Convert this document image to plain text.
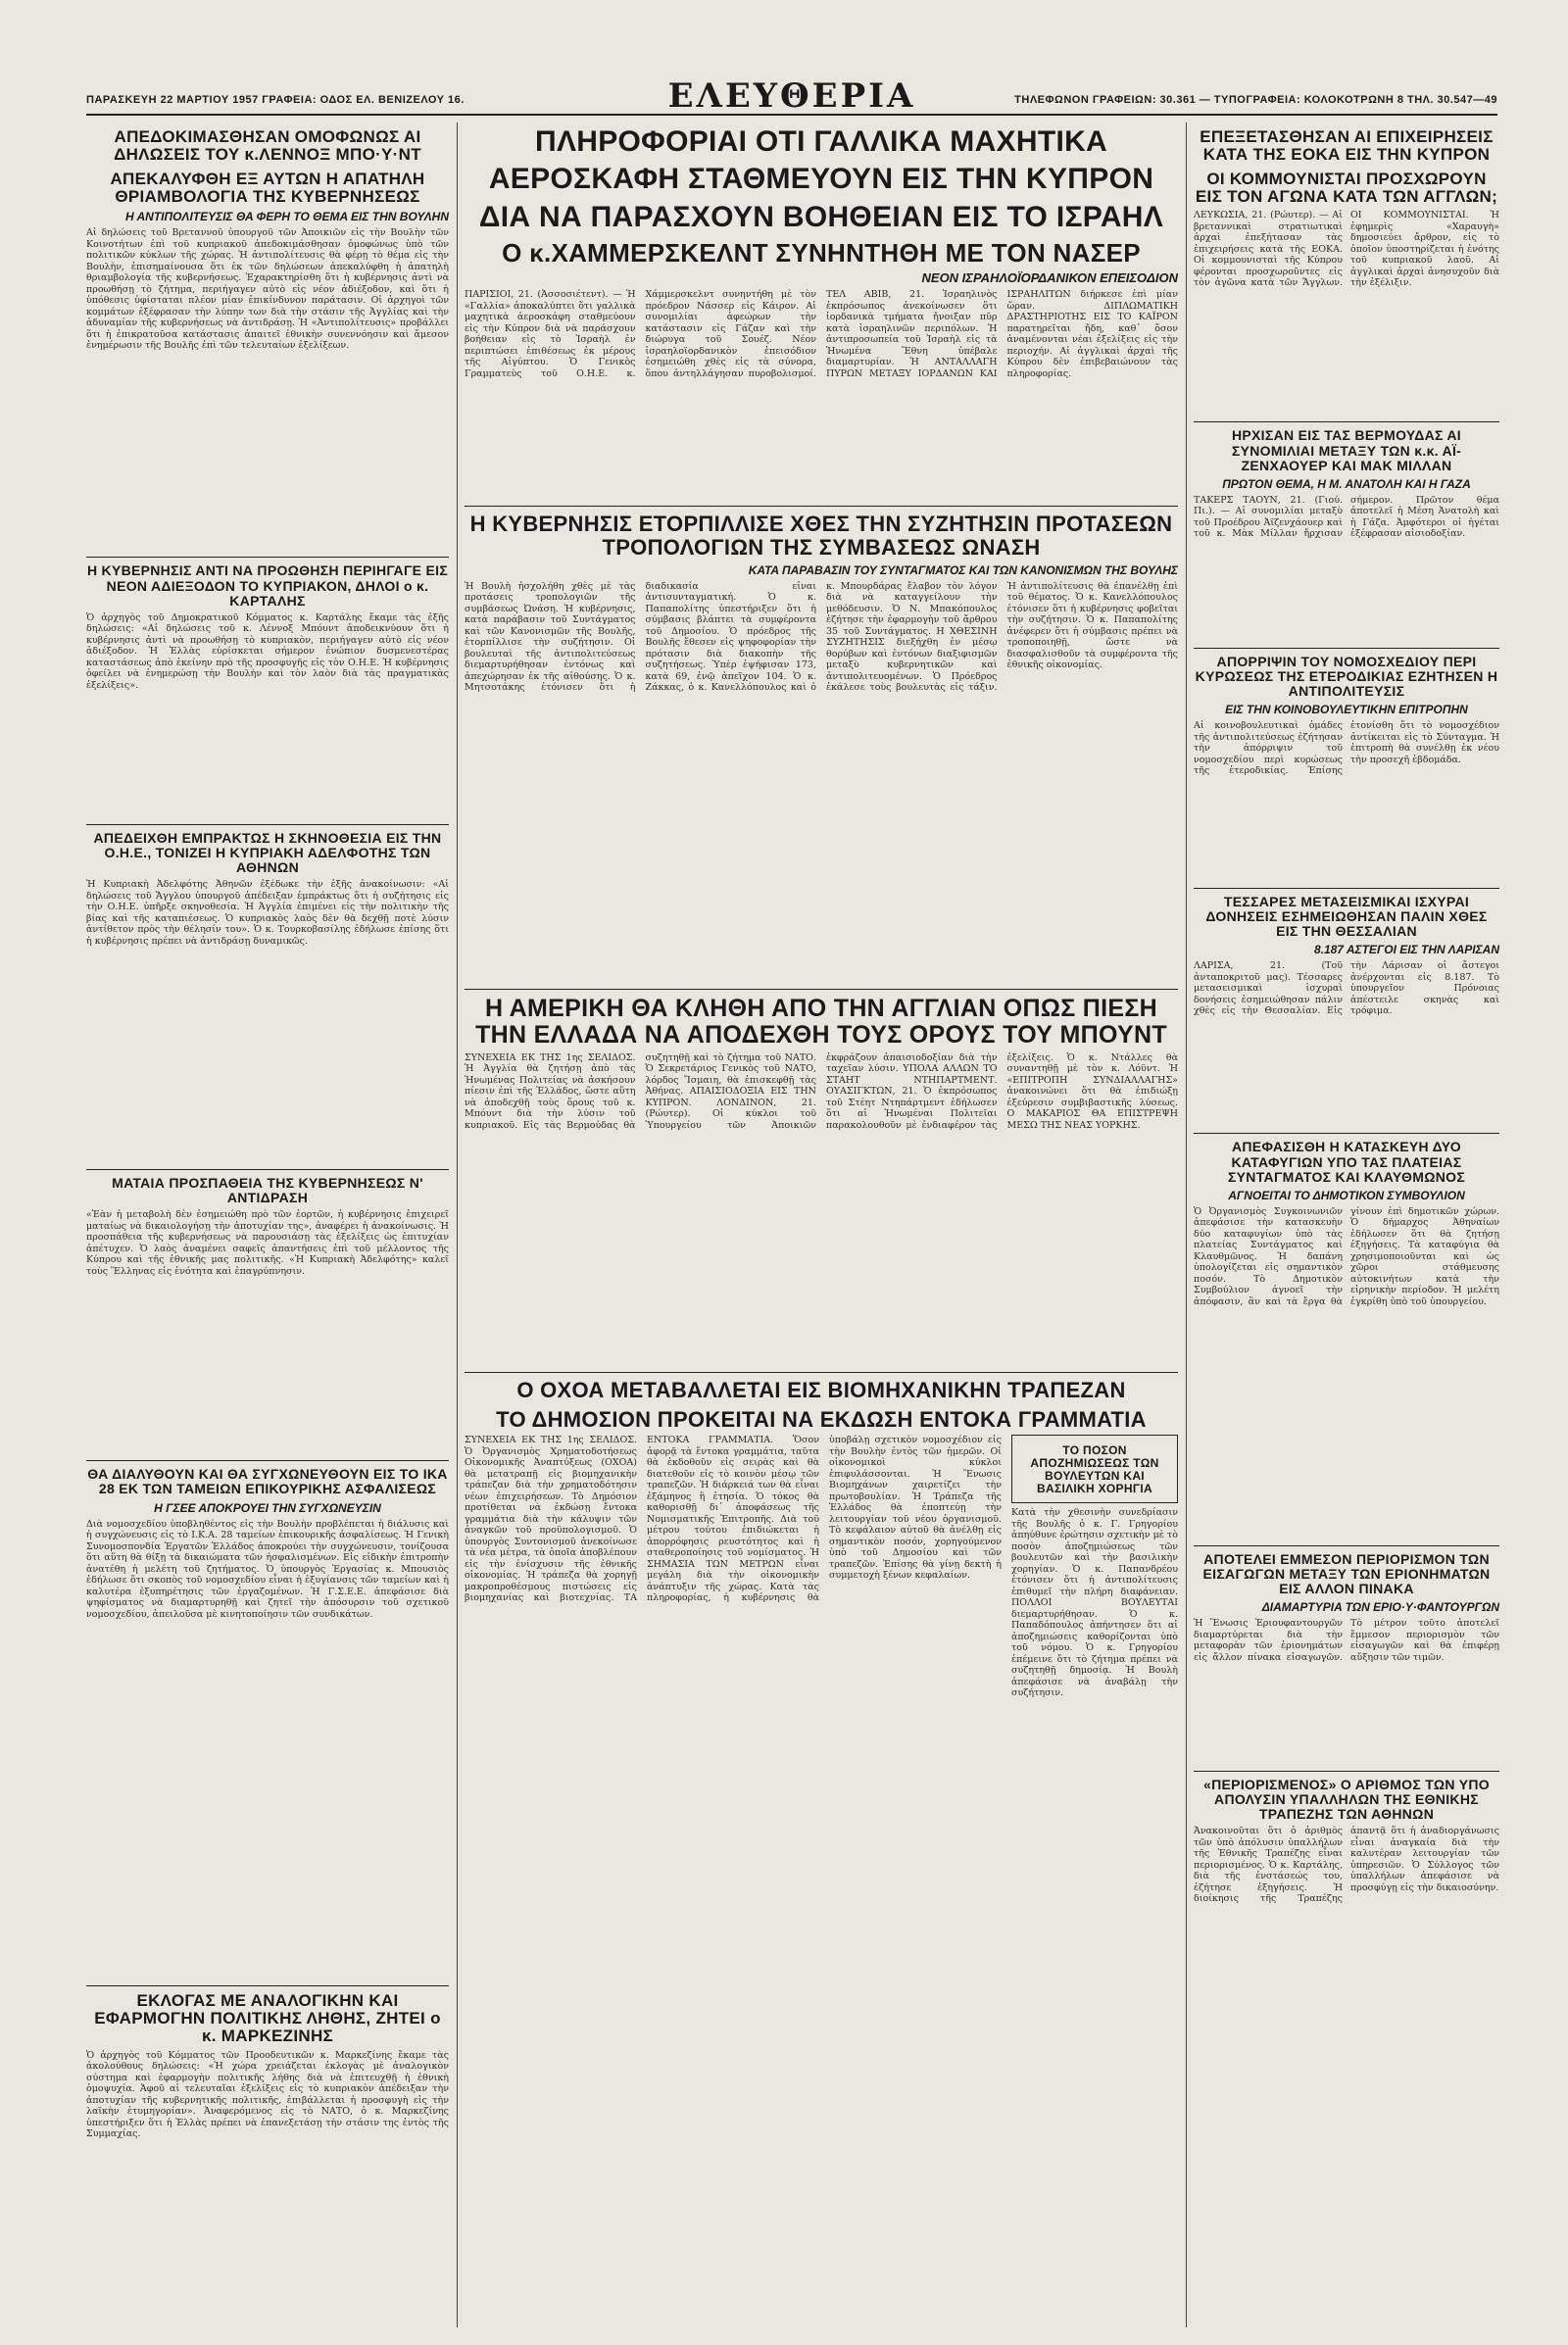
ΠΑΡΑΣΚΕΥΗ 22 ΜΑΡΤΙΟΥ 1957 ΓΡΑΦΕΙΑ: ΟΔΟΣ ΕΛ. ΒΕΝΙΖΕΛΟΥ 16.	ΕΛΕΥΘΕΡΙΑ	ΤΗΛΕΦΩΝΟΝ ΓΡΑΦΕΙΩΝ: 30.361 — ΤΥΠΟΓΡΑΦΕΙΑ: ΚΟΛΟΚΟΤΡΩΝΗ 8 ΤΗΛ. 30.547—49
ΑΠΕΔΟΚΙΜΑΣΘΗΣΑΝ ΟΜΟΦΩΝΩΣ ΑΙ ΔΗΛΩΣΕΙΣ ΤΟΥ κ.ΛΕΝΝΟΞ ΜΠΟ·Υ·ΝΤ
ΑΠΕΚΑΛΥΦΘΗ ΕΞ ΑΥΤΩΝ Η ΑΠΑΤΗΛΗ ΘΡΙΑΜΒΟΛΟΓΙΑ ΤΗΣ ΚΥΒΕΡΝΗΣΕΩΣ
Η ΑΝΤΙΠΟΛΙΤΕΥΣΙΣ ΘΑ ΦΕΡΗ ΤΟ ΘΕΜΑ ΕΙΣ ΤΗΝ ΒΟΥΛΗΝ
Αἱ δηλώσεις τοῦ Βρεταννοῦ ὑπουργοῦ τῶν Ἀποικιῶν εἰς τὴν Βουλὴν τῶν Κοινοτήτων ἐπὶ τοῦ κυπριακοῦ ἀπεδοκιμάσθησαν ὁμοφώνως ὑπὸ τῶν πολιτικῶν κύκλων τῆς χώρας. Ἡ ἀντιπολίτευσις θὰ φέρῃ τὸ θέμα εἰς τὴν Βουλὴν, ἐπισημαίνουσα ὅτι ἐκ τῶν δηλώσεων ἀπεκαλύφθη ἡ ἀπατηλὴ θριαμβολογία τῆς κυβερνήσεως. Ἐχαρακτηρίσθη ὅτι ἡ κυβέρνησις ἀντὶ νὰ προωθήσῃ τὸ ζήτημα, περιήγαγεν αὐτὸ εἰς νέον ἀδιέξοδον, καὶ ὅτι ἡ ὑπόθεσις ὑφίσταται πλέον μίαν ἐπικίνδυνον παράτασιν. Οἱ ἀρχηγοὶ τῶν κομμάτων ἐξέφρασαν τὴν λύπην των διὰ τὴν στάσιν τῆς Ἀγγλίας καὶ τὴν ἀδυναμίαν τῆς κυβερνήσεως νὰ ἀντιδράσῃ. Ἡ «Ἀντιπολίτευσις» προβάλλει ὅτι ἡ ἐπικρατοῦσα κατάστασις ἀπαιτεῖ ἐθνικὴν συνεννόησιν καὶ ἄμεσον ἐνημέρωσιν τῆς Βουλῆς ἐπὶ τῶν τελευταίων ἐξελίξεων.
Η ΚΥΒΕΡΝΗΣΙΣ ΑΝΤΙ ΝΑ ΠΡΟΩΘΗΣΗ ΠΕΡΙΗΓΑΓΕ ΕΙΣ ΝΕΟΝ ΑΔΙΕΞΟΔΟΝ ΤΟ ΚΥΠΡΙΑΚΟΝ, ΔΗΛΟΙ ο κ. ΚΑΡΤΑΛΗΣ
Ὁ ἀρχηγὸς τοῦ Δημοκρατικοῦ Κόμματος κ. Καρτάλης ἔκαμε τὰς ἑξῆς δηλώσεις: «Αἱ δηλώσεις τοῦ κ. Λέννοξ Μπόυντ ἀποδεικνύουν ὅτι ἡ κυβέρνησις ἀντὶ νὰ προωθήσῃ τὸ κυπριακὸν, περιήγαγεν αὐτὸ εἰς νέον ἀδιέξοδον. Ἡ Ἑλλὰς εὑρίσκεται σήμερον ἐνώπιον δυσμενεστέρας καταστάσεως ἀπὸ ἐκείνην πρὸ τῆς προσφυγῆς εἰς τὸν Ο.Η.Ε. Ἡ κυβέρνησις ὀφείλει νὰ ἐνημερώσῃ τὴν Βουλὴν καὶ τὸν λαὸν διὰ τὰς πραγματικὰς ἐξελίξεις».
ΑΠΕΔΕΙΧΘΗ ΕΜΠΡΑΚΤΩΣ Η ΣΚΗΝΟΘΕΣΙΑ ΕΙΣ ΤΗΝ Ο.Η.Ε., ΤΟΝΙΖΕΙ Η ΚΥΠΡΙΑΚΗ ΑΔΕΛΦΟΤΗΣ ΤΩΝ ΑΘΗΝΩΝ
Ἡ Κυπριακὴ Ἀδελφότης Ἀθηνῶν ἐξέδωκε τὴν ἑξῆς ἀνακοίνωσιν: «Αἱ δηλώσεις τοῦ Ἄγγλου ὑπουργοῦ ἀπέδειξαν ἐμπράκτως ὅτι ἡ συζήτησις εἰς τὴν Ο.Η.Ε. ὑπῆρξε σκηνοθεσία. Ἡ Ἀγγλία ἐπιμένει εἰς τὴν πολιτικὴν τῆς βίας καὶ τῆς καταπιέσεως. Ὁ κυπριακὸς λαὸς δὲν θὰ δεχθῇ ποτὲ λύσιν ἀντίθετον πρὸς τὴν θέλησίν του». Ὁ κ. Τουρκοβασίλης ἐδήλωσε ἐπίσης ὅτι ἡ κυβέρνησις πρέπει νὰ ἀντιδράσῃ δυναμικῶς.
ΜΑΤΑΙΑ ΠΡΟΣΠΑΘΕΙΑ ΤΗΣ ΚΥΒΕΡΝΗΣΕΩΣ Ν' ΑΝΤΙΔΡΑΣΗ
«Ἐὰν ἡ μεταβολὴ δὲν ἐσημειώθη πρὸ τῶν ἑορτῶν, ἡ κυβέρνησις ἐπιχειρεῖ ματαίως νὰ δικαιολογήσῃ τὴν ἀποτυχίαν της», ἀναφέρει ἡ ἀνακοίνωσις. Ἡ προσπάθεια τῆς κυβερνήσεως νὰ παρουσιάσῃ τὰς ἐξελίξεις ὡς ἐπιτυχίαν ἀπέτυχεν. Ὁ λαὸς ἀναμένει σαφεῖς ἀπαντήσεις ἐπὶ τοῦ μέλλοντος τῆς Κύπρου καὶ τῆς ἐθνικῆς μας πολιτικῆς. «Ἡ Κυπριακὴ Ἀδελφότης» καλεῖ τοὺς Ἕλληνας εἰς ἑνότητα καὶ ἐπαγρύπνησιν.
ΘΑ ΔΙΑΛΥΘΟΥΝ ΚΑΙ ΘΑ ΣΥΓΧΩΝΕΥΘΟΥΝ ΕΙΣ ΤΟ ΙΚΑ 28 ΕΚ ΤΩΝ ΤΑΜΕΙΩΝ ΕΠΙΚΟΥΡΙΚΗΣ ΑΣΦΑΛΙΣΕΩΣ
Η ΓΣΕΕ ΑΠΟΚΡΟΥΕΙ ΤΗΝ ΣΥΓΧΩΝΕΥΣΙΝ
Διὰ νομοσχεδίου ὑποβληθέντος εἰς τὴν Βουλὴν προβλέπεται ἡ διάλυσις καὶ ἡ συγχώνευσις εἰς τὸ Ι.Κ.Α. 28 ταμείων ἐπικουρικῆς ἀσφαλίσεως. Ἡ Γενικὴ Συνομοσπονδία Ἐργατῶν Ἑλλάδος ἀποκρούει τὴν συγχώνευσιν, τονίζουσα ὅτι αὕτη θὰ θίξῃ τὰ δικαιώματα τῶν ἠσφαλισμένων. Εἰς εἰδικὴν ἐπιτροπὴν ἀνατέθη ἡ μελέτη τοῦ ζητήματος. Ὁ ὑπουργὸς Ἐργασίας κ. Μπουσιὸς ἐδήλωσε ὅτι σκοπὸς τοῦ νομοσχεδίου εἶναι ἡ ἐξυγίανσις τῶν ταμείων καὶ ἡ καλυτέρα ἐξυπηρέτησις τῶν ἐργαζομένων. Ἡ Γ.Σ.Ε.Ε. ἀπεφάσισε διὰ ψηφίσματος νὰ διαμαρτυρηθῇ καὶ ζητεῖ τὴν ἀπόσυρσιν τοῦ σχετικοῦ νομοσχεδίου, ἀπειλοῦσα μὲ κινητοποίησιν τῶν συνδικάτων.
ΕΚΛΟΓΑΣ ΜΕ ΑΝΑΛΟΓΙΚΗΝ ΚΑΙ ΕΦΑΡΜΟΓΗΝ ΠΟΛΙΤΙΚΗΣ ΛΗΘΗΣ, ΖΗΤΕΙ ο κ. ΜΑΡΚΕΖΙΝΗΣ
Ὁ ἀρχηγὸς τοῦ Κόμματος τῶν Προοδευτικῶν κ. Μαρκεζίνης ἔκαμε τὰς ἀκολούθους δηλώσεις: «Ἡ χώρα χρειάζεται ἐκλογὰς μὲ ἀναλογικὸν σύστημα καὶ ἐφαρμογὴν πολιτικῆς λήθης διὰ νὰ ἐπιτευχθῇ ἡ ἐθνικὴ ὁμοψυχία. Ἀφοῦ αἱ τελευταῖαι ἐξελίξεις εἰς τὸ κυπριακὸν ἀπέδειξαν τὴν ἀποτυχίαν τῆς κυβερνητικῆς πολιτικῆς, ἐπιβάλλεται ἡ προσφυγὴ εἰς τὴν λαϊκὴν ἐτυμηγορίαν». Ἀναφερόμενος εἰς τὸ ΝΑΤΟ, ὁ κ. Μαρκεζίνης ὑπεστήριξεν ὅτι ἡ Ἑλλὰς πρέπει νὰ ἐπανεξετάσῃ τὴν στάσιν της ἐντὸς τῆς Συμμαχίας.
ΠΛΗΡΟΦΟΡΙΑΙ ΟΤΙ ΓΑΛΛΙΚΑ ΜΑΧΗΤΙΚΑ
ΑΕΡΟΣΚΑΦΗ ΣΤΑΘΜΕΥΟΥΝ ΕΙΣ ΤΗΝ ΚΥΠΡΟΝ
ΔΙΑ ΝΑ ΠΑΡΑΣΧΟΥΝ ΒΟΗΘΕΙΑΝ ΕΙΣ ΤΟ ΙΣΡΑΗΛ
Ο κ.ΧΑΜΜΕΡΣΚΕΛΝΤ ΣΥΝΗΝΤΗΘΗ ΜΕ ΤΟΝ ΝΑΣΕΡ
ΝΕΟΝ ΙΣΡΑΗΛΟΪΟΡΔΑΝΙΚΟΝ ΕΠΕΙΣΟΔΙΟΝ
ΠΑΡΙΣΙΟΙ, 21. (Ἀσσοσιέτεντ). — Ἡ «Γαλλία» ἀποκαλύπτει ὅτι γαλλικὰ μαχητικὰ ἀεροσκάφη σταθμεύουν εἰς τὴν Κύπρον διὰ νὰ παράσχουν βοήθειαν εἰς τὸ Ἰσραὴλ ἐν περιπτώσει ἐπιθέσεως ἐκ μέρους τῆς Αἰγύπτου. Ὁ Γενικὸς Γραμματεὺς τοῦ Ο.Η.Ε. κ. Χάμμερσκελντ συνηντήθη μὲ τὸν πρόεδρον Νάσσερ εἰς Κάιρον. Αἱ συνομιλίαι ἀφεώρων τὴν κατάστασιν εἰς Γάζαν καὶ τὴν διώρυγα τοῦ Σουέζ. Νέον ἰσραηλοϊορδανικὸν ἐπεισόδιον ἐσημειώθη χθὲς εἰς τὰ σύνορα, ὅπου ἀντηλλάγησαν πυροβολισμοί. ΤΕΛ ΑΒΙΒ, 21. Ἰσραηλινὸς ἐκπρόσωπος ἀνεκοίνωσεν ὅτι ἰορδανικὰ τμήματα ἤνοιξαν πῦρ κατὰ ἰσραηλινῶν περιπόλων. Ἡ ἀντιπροσωπεία τοῦ Ἰσραὴλ εἰς τὰ Ἡνωμένα Ἔθνη ὑπέβαλε διαμαρτυρίαν. Ἡ ΑΝΤΑΛΛΑΓΗ ΠΥΡΩΝ ΜΕΤΑΞΥ ΙΟΡΔΑΝΩΝ ΚΑΙ ΙΣΡΑΗΛΙΤΩΝ διήρκεσε ἐπὶ μίαν ὥραν. ΔΙΠΛΩΜΑΤΙΚΗ ΔΡΑΣΤΗΡΙΟΤΗΣ ΕΙΣ ΤΟ ΚΑΪΡΟΝ παρατηρεῖται ἤδη, καθ᾽ ὅσον ἀναμένονται νέαι ἐξελίξεις εἰς τὴν περιοχήν. Αἱ ἀγγλικαὶ ἀρχαὶ τῆς Κύπρου δὲν ἐπιβεβαιώνουν τὰς πληροφορίας.
Η ΚΥΒΕΡΝΗΣΙΣ ΕΤΟΡΠΙΛΛΙΣΕ ΧΘΕΣ ΤΗΝ ΣΥΖΗΤΗΣΙΝ ΠΡΟΤΑΣΕΩΝ ΤΡΟΠΟΛΟΓΙΩΝ ΤΗΣ ΣΥΜΒΑΣΕΩΣ ΩΝΑΣΗ
ΚΑΤΑ ΠΑΡΑΒΑΣΙΝ ΤΟΥ ΣΥΝΤΑΓΜΑΤΟΣ ΚΑΙ ΤΩΝ ΚΑΝΟΝΙΣΜΩΝ ΤΗΣ ΒΟΥΛΗΣ
Ἡ Βουλὴ ἠσχολήθη χθὲς μὲ τὰς προτάσεις τροπολογιῶν τῆς συμβάσεως Ὠνάση. Ἡ κυβέρνησις, κατὰ παράβασιν τοῦ Συντάγματος καὶ τῶν Κανονισμῶν τῆς Βουλῆς, ἐτορπίλλισε τὴν συζήτησιν. Οἱ βουλευταὶ τῆς ἀντιπολιτεύσεως διεμαρτυρήθησαν ἐντόνως καὶ ἀπεχώρησαν ἐκ τῆς αἰθούσης. Ὁ κ. Μητσοτάκης ἐτόνισεν ὅτι ἡ διαδικασία εἶναι ἀντισυνταγματική. Ὁ κ. Παπαπολίτης ὑπεστήριξεν ὅτι ἡ σύμβασις βλάπτει τὰ συμφέροντα τοῦ Δημοσίου. Ὁ πρόεδρος τῆς Βουλῆς ἔθεσεν εἰς ψηφοφορίαν τὴν πρότασιν διὰ διακοπὴν τῆς συζητήσεως. Ὑπὲρ ἐψήφισαν 173, κατὰ 69, ἐνῷ ἀπεῖχον 104. Ὁ κ. Ζάκκας, ὁ κ. Κανελλόπουλος καὶ ὁ κ. Μπουρδάρας ἔλαβον τὸν λόγον διὰ νὰ καταγγείλουν τὴν μεθόδευσιν. Ὁ Ν. Μπακόπουλος ἐζήτησε τὴν ἐφαρμογὴν τοῦ ἄρθρου 35 τοῦ Συντάγματος. Η ΧΘΕΣΙΝΗ ΣΥΖΗΤΗΣΙΣ διεξήχθη ἐν μέσῳ θορύβων καὶ ἐντόνων διαξιφισμῶν μεταξὺ κυβερνητικῶν καὶ ἀντιπολιτευομένων. Ὁ Πρόεδρος ἐκάλεσε τοὺς βουλευτὰς εἰς τάξιν. Ἡ ἀντιπολίτευσις θὰ ἐπανέλθῃ ἐπὶ τοῦ θέματος. Ὁ κ. Κανελλόπουλος ἐτόνισεν ὅτι ἡ κυβέρνησις φοβεῖται τὴν συζήτησιν. Ὁ κ. Παπαπολίτης ἀνέφερεν ὅτι ἡ σύμβασις πρέπει νὰ τροποποιηθῇ, ὥστε νὰ διασφαλισθοῦν τὰ συμφέροντα τῆς ἐθνικῆς οἰκονομίας.
Η ΑΜΕΡΙΚΗ ΘΑ ΚΛΗΘΗ ΑΠΟ ΤΗΝ ΑΓΓΛΙΑΝ ΟΠΩΣ ΠΙΕΣΗ ΤΗΝ ΕΛΛΑΔΑ ΝΑ ΑΠΟΔΕΧΘΗ ΤΟΥΣ ΟΡΟΥΣ ΤΟΥ ΜΠΟΥΝΤ
ΣΥΝΕΧΕΙΑ ΕΚ ΤΗΣ 1ης ΣΕΛΙΔΟΣ. Ἡ Ἀγγλία θὰ ζητήσῃ ἀπὸ τὰς Ἡνωμένας Πολιτείας νὰ ἀσκήσουν πίεσιν ἐπὶ τῆς Ἑλλάδος, ὥστε αὕτη νὰ ἀποδεχθῇ τοὺς ὅρους τοῦ κ. Μπόυντ διὰ τὴν λύσιν τοῦ κυπριακοῦ. Εἰς τὰς Βερμούδας θὰ συζητηθῇ καὶ τὸ ζήτημα τοῦ ΝΑΤΟ. Ὁ Σεκρετάριος Γενικὸς τοῦ ΝΑΤΟ, λόρδος Ἴσμαιη, θὰ ἐπισκεφθῇ τὰς Ἀθήνας. ΑΠΑΙΣΙΟΔΟΞΙΑ ΕΙΣ ΤΗΝ ΚΥΠΡΟΝ. ΛΟΝΔΙΝΟΝ, 21. (Ρώυτερ). Οἱ κύκλοι τοῦ Ὑπουργείου τῶν Ἀποικιῶν ἐκφράζουν ἀπαισιοδοξίαν διὰ τὴν ταχεῖαν λύσιν. ΥΠΟΛΑ ΑΛΛΩΝ ΤΟ ΣΤΑΗΤ ΝΤΗΠΑΡΤΜΕΝΤ. ΟΥΑΣΙΓΚΤΩΝ, 21. Ὁ ἐκπρόσωπος τοῦ Στέητ Ντηπάρτμεντ ἐδήλωσεν ὅτι αἱ Ἡνωμέναι Πολιτεῖαι παρακολουθοῦν μὲ ἐνδιαφέρον τὰς ἐξελίξεις. Ὁ κ. Ντάλλες θὰ συναντηθῇ μὲ τὸν κ. Λόϋντ. Ἡ «ΕΠΙΤΡΟΠΗ ΣΥΝΔΙΑΛΛΑΓΗΣ» ἀνακοινώνει ὅτι θὰ ἐπιδιώξῃ ἐξεύρεσιν συμβιβαστικῆς λύσεως. Ο ΜΑΚΑΡΙΟΣ ΘΑ ΕΠΙΣΤΡΕΨΗ ΜΕΣΩ ΤΗΣ ΝΕΑΣ ΥΟΡΚΗΣ.
Ο ΟΧΟΑ ΜΕΤΑΒΑΛΛΕΤΑΙ ΕΙΣ ΒΙΟΜΗΧΑΝΙΚΗΝ ΤΡΑΠΕΖΑΝ
ΤΟ ΔΗΜΟΣΙΟΝ ΠΡΟΚΕΙΤΑΙ ΝΑ ΕΚΔΩΣΗ ΕΝΤΟΚΑ ΓΡΑΜΜΑΤΙΑ
ΣΥΝΕΧΕΙΑ ΕΚ ΤΗΣ 1ης ΣΕΛΙΔΟΣ. Ὁ Ὀργανισμὸς Χρηματοδοτήσεως Οἰκονομικῆς Ἀναπτύξεως (ΟΧΟΑ) θὰ μετατραπῇ εἰς βιομηχανικὴν τράπεζαν διὰ τὴν χρηματοδότησιν νέων ἐπιχειρήσεων. Τὸ Δημόσιον προτίθεται νὰ ἐκδώσῃ ἔντοκα γραμμάτια διὰ τὴν κάλυψιν τῶν ἀναγκῶν τοῦ προϋπολογισμοῦ. Ὁ ὑπουργὸς Συντονισμοῦ ἀνεκοίνωσε τὰ νέα μέτρα, τὰ ὁποῖα ἀποβλέπουν εἰς τὴν ἐνίσχυσιν τῆς ἐθνικῆς οἰκονομίας. Ἡ τράπεζα θὰ χορηγῇ μακροπροθέσμους πιστώσεις εἰς βιομηχανίας καὶ βιοτεχνίας. ΤΑ ΕΝΤΟΚΑ ΓΡΑΜΜΑΤΙΑ. Ὅσον ἀφορᾷ τὰ ἔντοκα γραμμάτια, ταῦτα θὰ ἐκδοθοῦν εἰς σειρὰς καὶ θὰ διατεθοῦν εἰς τὸ κοινὸν μέσῳ τῶν τραπεζῶν. Ἡ διάρκειά των θὰ εἶναι ἐξάμηνος ἢ ἐτησία. Ὁ τόκος θὰ καθορισθῇ δι᾽ ἀποφάσεως τῆς Νομισματικῆς Ἐπιτροπῆς. Διὰ τοῦ μέτρου τούτου ἐπιδιώκεται ἡ ἀπορρόφησις ρευστότητος καὶ ἡ σταθεροποίησις τοῦ νομίσματος. Ἡ ΣΗΜΑΣΙΑ ΤΩΝ ΜΕΤΡΩΝ εἶναι μεγάλη διὰ τὴν οἰκονομικὴν ἀνάπτυξιν τῆς χώρας. Κατὰ τὰς πληροφορίας, ἡ κυβέρνησις θὰ ὑποβάλῃ σχετικὸν νομοσχέδιον εἰς τὴν Βουλὴν ἐντὸς τῶν ἡμερῶν. Οἱ οἰκονομικοὶ κύκλοι ἐπιφυλάσσονται. Ἡ Ἕνωσις Βιομηχάνων χαιρετίζει τὴν πρωτοβουλίαν. Ἡ Τράπεζα τῆς Ἑλλάδος θὰ ἐποπτεύῃ τὴν λειτουργίαν τοῦ νέου ὀργανισμοῦ. Τὸ κεφάλαιον αὐτοῦ θὰ ἀνέλθῃ εἰς σημαντικὸν ποσόν, χορηγούμενον ὑπὸ τοῦ Δημοσίου καὶ τῶν τραπεζῶν. Ἐπίσης θὰ γίνῃ δεκτὴ ἡ συμμετοχὴ ξένων κεφαλαίων.
ΤΟ ΠΟΣΟΝ ΑΠΟΖΗΜΙΩΣΕΩΣ ΤΩΝ ΒΟΥΛΕΥΤΩΝ ΚΑΙ ΒΑΣΙΛΙΚΗ ΧΟΡΗΓΙΑ
Κατὰ τὴν χθεσινὴν συνεδρίασιν τῆς Βουλῆς ὁ κ. Γ. Γρηγορίου ἀπηύθυνε ἐρώτησιν σχετικὴν μὲ τὸ ποσὸν ἀποζημιώσεως τῶν βουλευτῶν καὶ τὴν βασιλικὴν χορηγίαν. Ὁ κ. Παπανδρέου ἐτόνισεν ὅτι ἡ ἀντιπολίτευσις ἐπιθυμεῖ τὴν πλήρη διαφάνειαν. ΠΟΛΛΟΙ ΒΟΥΛΕΥΤΑΙ διεμαρτυρήθησαν. Ὁ κ. Παπαδόπουλος ἀπήντησεν ὅτι αἱ ἀποζημιώσεις καθορίζονται ὑπὸ τοῦ νόμου. Ὁ κ. Γρηγορίου ἐπέμεινε ὅτι τὸ ζήτημα πρέπει νὰ συζητηθῇ δημοσίᾳ. Ἡ Βουλὴ ἀπεφάσισε νὰ ἀναβάλῃ τὴν συζήτησιν.
ΕΠΕΞΕΤΑΣΘΗΣΑΝ ΑΙ ΕΠΙΧΕΙΡΗΣΕΙΣ ΚΑΤΑ ΤΗΣ ΕΟΚΑ ΕΙΣ ΤΗΝ ΚΥΠΡΟΝ
ΟΙ ΚΟΜΜΟΥΝΙΣΤΑΙ ΠΡΟΣΧΩΡΟΥΝ ΕΙΣ ΤΟΝ ΑΓΩΝΑ ΚΑΤΑ ΤΩΝ ΑΓΓΛΩΝ;
ΛΕΥΚΩΣΙΑ, 21. (Ρώυτερ). — Αἱ βρεταννικαὶ στρατιωτικαὶ ἀρχαὶ ἐπεξήτασαν τὰς ἐπιχειρήσεις κατὰ τῆς ΕΟΚΑ. Οἱ κομμουνισταὶ τῆς Κύπρου φέρονται προσχωροῦντες εἰς τὸν ἀγῶνα κατὰ τῶν Ἄγγλων. ΟΙ ΚΟΜΜΟΥΝΙΣΤΑΙ. Ἡ ἐφημερὶς «Χαραυγὴ» δημοσιεύει ἄρθρον, εἰς τὸ ὁποῖον ὑποστηρίζεται ἡ ἑνότης τοῦ κυπριακοῦ λαοῦ. Αἱ ἀγγλικαὶ ἀρχαὶ ἀνησυχοῦν διὰ τὴν ἐξέλιξιν.
ΗΡΧΙΣΑΝ ΕΙΣ ΤΑΣ ΒΕΡΜΟΥΔΑΣ ΑΙ ΣΥΝΟΜΙΛΙΑΙ ΜΕΤΑΞΥ ΤΩΝ κ.κ. ΑΪ-ΖΕΝΧΑΟΥΕΡ ΚΑΙ ΜΑΚ ΜΙΛΛΑΝ
ΠΡΩΤΟΝ ΘΕΜΑ, Η Μ. ΑΝΑΤΟΛΗ ΚΑΙ Η ΓΑΖΑ
ΤΑΚΕΡΣ ΤΑΟΥΝ, 21. (Γιού. Πι.). — Αἱ συνομιλίαι μεταξὺ τοῦ Προέδρου Ἀϊζενχάουερ καὶ τοῦ κ. Μὰκ Μίλλαν ἤρχισαν σήμερον. Πρῶτον θέμα ἀποτελεῖ ἡ Μέση Ἀνατολὴ καὶ ἡ Γάζα. Ἀμφότεροι οἱ ἡγέται ἐξέφρασαν αἰσιοδοξίαν.
ΑΠΟΡΡΙΨΙΝ ΤΟΥ ΝΟΜΟΣΧΕΔΙΟΥ ΠΕΡΙ ΚΥΡΩΣΕΩΣ ΤΗΣ ΕΤΕΡΟΔΙΚΙΑΣ ΕΖΗΤΗΣΕΝ Η ΑΝΤΙΠΟΛΙΤΕΥΣΙΣ
ΕΙΣ ΤΗΝ ΚΟΙΝΟΒΟΥΛΕΥΤΙΚΗΝ ΕΠΙΤΡΟΠΗΝ
Αἱ κοινοβουλευτικαὶ ὁμάδες τῆς ἀντιπολιτεύσεως ἐζήτησαν τὴν ἀπόρριψιν τοῦ νομοσχεδίου περὶ κυρώσεως τῆς ἑτεροδικίας. Ἐπίσης ἐτονίσθη ὅτι τὸ νομοσχέδιον ἀντίκειται εἰς τὸ Σύνταγμα. Ἡ ἐπιτροπὴ θὰ συνέλθῃ ἐκ νέου τὴν προσεχῆ ἑβδομάδα.
ΤΕΣΣΑΡΕΣ ΜΕΤΑΣΕΙΣΜΙΚΑΙ ΙΣΧΥΡΑΙ ΔΟΝΗΣΕΙΣ ΕΣΗΜΕΙΩΘΗΣΑΝ ΠΑΛΙΝ ΧΘΕΣ ΕΙΣ ΤΗΝ ΘΕΣΣΑΛΙΑΝ
8.187 ΑΣΤΕΓΟΙ ΕΙΣ ΤΗΝ ΛΑΡΙΣΑΝ
ΛΑΡΙΣΑ, 21. (Τοῦ ἀνταποκριτοῦ μας). Τέσσαρες μετασεισμικαὶ ἰσχυραὶ δονήσεις ἐσημειώθησαν πάλιν χθὲς εἰς τὴν Θεσσαλίαν. Εἰς τὴν Λάρισαν οἱ ἄστεγοι ἀνέρχονται εἰς 8.187. Τὸ ὑπουργεῖον Πρόνοιας ἀπέστειλε σκηνὰς καὶ τρόφιμα.
ΑΠΕΦΑΣΙΣΘΗ Η ΚΑΤΑΣΚΕΥΗ ΔΥΟ ΚΑΤΑΦΥΓΙΩΝ ΥΠΟ ΤΑΣ ΠΛΑΤΕΙΑΣ ΣΥΝΤΑΓΜΑΤΟΣ ΚΑΙ ΚΛΑΥΘΜΩΝΟΣ
ΑΓΝΟΕΙΤΑΙ ΤΟ ΔΗΜΟΤΙΚΟΝ ΣΥΜΒΟΥΛΙΟΝ
Ὁ Ὀργανισμὸς Συγκοινωνιῶν ἀπεφάσισε τὴν κατασκευὴν δύο καταφυγίων ὑπὸ τὰς πλατείας Συντάγματος καὶ Κλαυθμῶνος. Ἡ δαπάνη ὑπολογίζεται εἰς σημαντικὸν ποσόν. Τὸ Δημοτικὸν Συμβούλιον ἀγνοεῖ τὴν ἀπόφασιν, ἂν καὶ τὰ ἔργα θὰ γίνουν ἐπὶ δημοτικῶν χώρων. Ὁ δήμαρχος Ἀθηναίων ἐδήλωσεν ὅτι θὰ ζητήσῃ ἐξηγήσεις. Τὰ καταφύγια θὰ χρησιμοποιοῦνται καὶ ὡς χῶροι στάθμευσης αὐτοκινήτων κατὰ τὴν εἰρηνικὴν περίοδον. Ἡ μελέτη ἐγκρίθη ὑπὸ τοῦ ὑπουργείου.
ΑΠΟΤΕΛΕΙ ΕΜΜΕΣΟΝ ΠΕΡΙΟΡΙΣΜΟΝ ΤΩΝ ΕΙΣΑΓΩΓΩΝ ΜΕΤΑΞΥ ΤΩΝ ΕΡΙΟΝΗΜΑΤΩΝ ΕΙΣ ΑΛΛΟΝ ΠΙΝΑΚΑ
ΔΙΑΜΑΡΤΥΡΙΑ ΤΩΝ ΕΡΙΟ·Υ·ΦΑΝΤΟΥΡΓΩΝ
Ἡ Ἕνωσις Ἐριουφαντουργῶν διαμαρτύρεται διὰ τὴν μεταφορὰν τῶν ἐριονημάτων εἰς ἄλλον πίνακα εἰσαγωγῶν. Τὸ μέτρον τοῦτο ἀποτελεῖ ἔμμεσον περιορισμὸν τῶν εἰσαγωγῶν καὶ θὰ ἐπιφέρῃ αὔξησιν τῶν τιμῶν.
«ΠΕΡΙΟΡΙΣΜΕΝΟΣ» Ο ΑΡΙΘΜΟΣ ΤΩΝ ΥΠΟ ΑΠΟΛΥΣΙΝ ΥΠΑΛΛΗΛΩΝ ΤΗΣ ΕΘΝΙΚΗΣ ΤΡΑΠΕΖΗΣ ΤΩΝ ΑΘΗΝΩΝ
Ἀνακοινοῦται ὅτι ὁ ἀριθμὸς τῶν ὑπὸ ἀπόλυσιν ὑπαλλήλων τῆς Ἐθνικῆς Τραπέζης εἶναι περιορισμένος. Ὁ κ. Καρτάλης, διὰ τῆς ἐνστάσεώς του, ἐζήτησε ἐξηγήσεις. Ἡ διοίκησις τῆς Τραπέζης ἀπαντᾷ ὅτι ἡ ἀναδιοργάνωσις εἶναι ἀναγκαία διὰ τὴν καλυτέραν λειτουργίαν τῶν ὑπηρεσιῶν. Ὁ Σύλλογος τῶν ὑπαλλήλων ἀπεφάσισε νὰ προσφύγῃ εἰς τὴν δικαιοσύνην.
